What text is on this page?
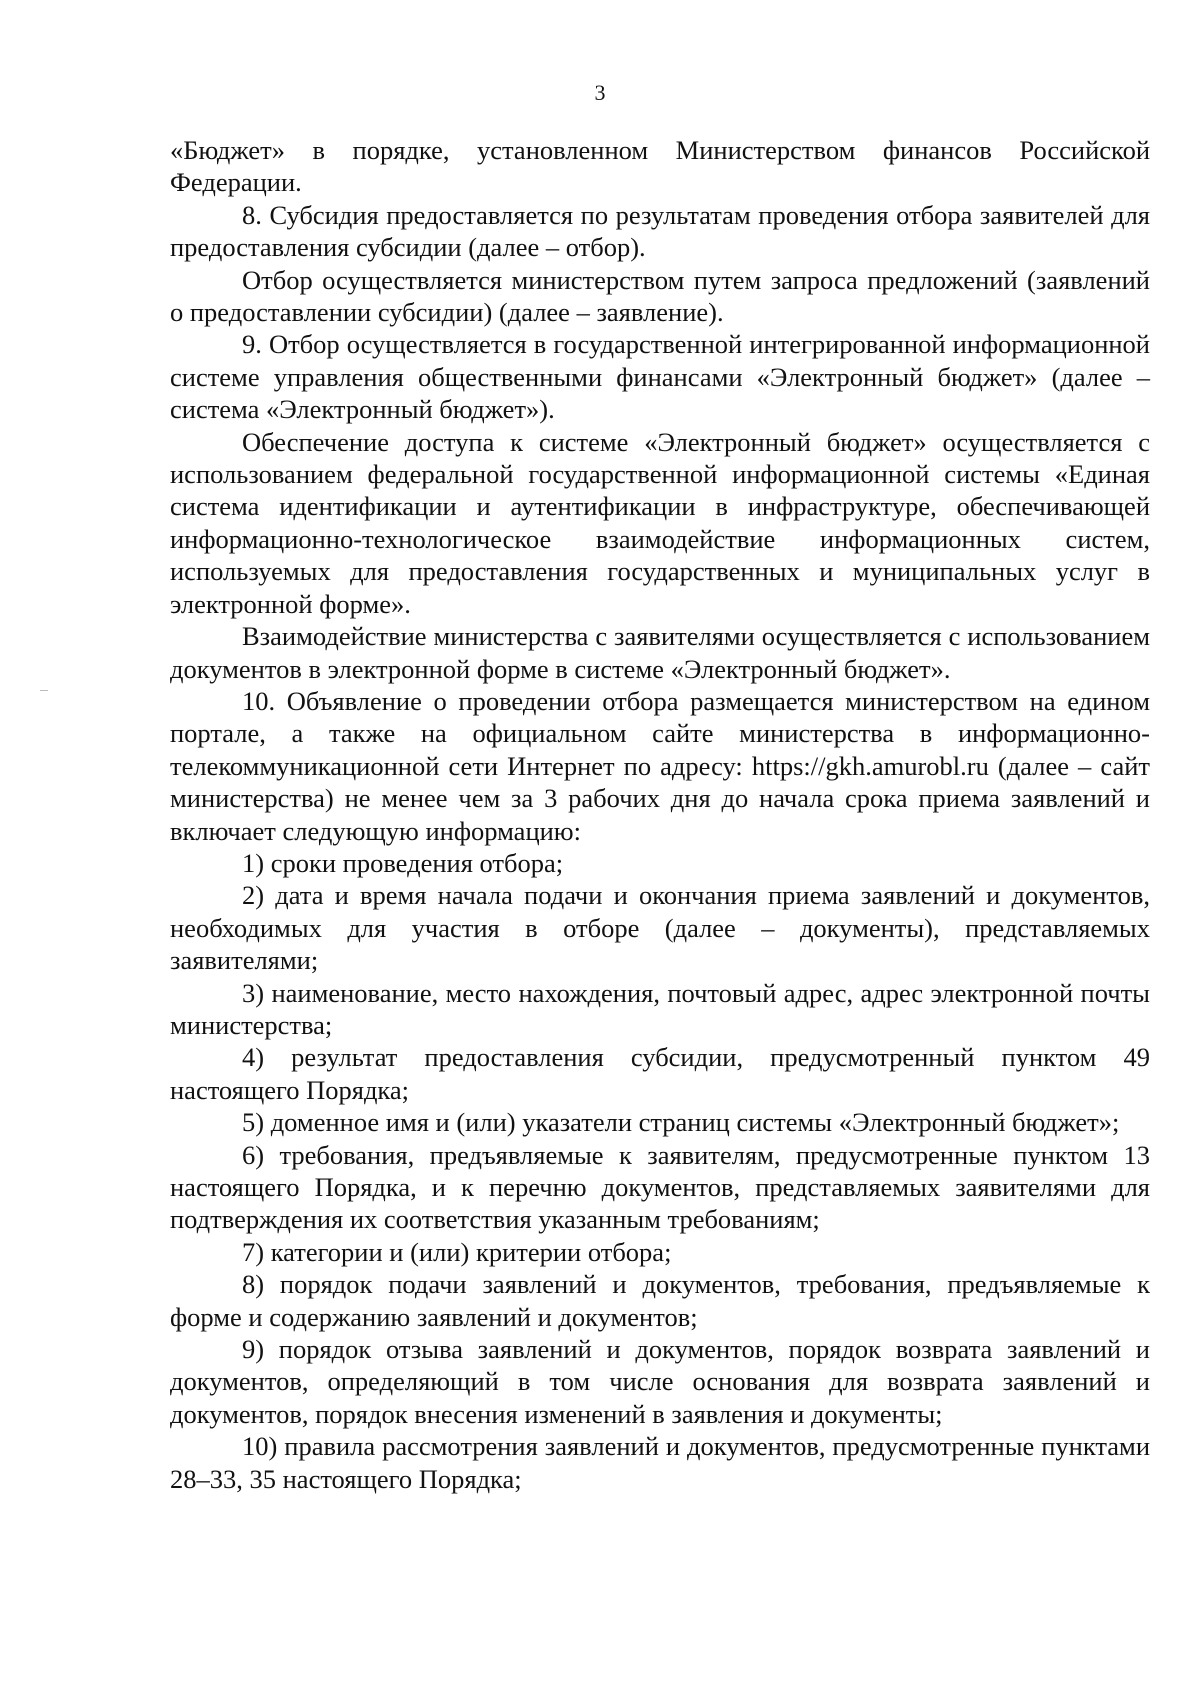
3

«Бюджет» в порядке, установленном Министерством финансов Российской Федерации.

8. Субсидия предоставляется по результатам проведения отбора заявителей для предоставления субсидии (далее – отбор).

Отбор осуществляется министерством путем запроса предложений (заявлений о предоставлении субсидии) (далее – заявление).

9. Отбор осуществляется в государственной интегрированной информационной системе управления общественными финансами «Электронный бюджет» (далее – система «Электронный бюджет»).

Обеспечение доступа к системе «Электронный бюджет» осуществляется с использованием федеральной государственной информационной системы «Единая система идентификации и аутентификации в инфраструктуре, обеспечивающей информационно-технологическое взаимодействие информационных систем, используемых для предоставления государственных и муниципальных услуг в электронной форме».

Взаимодействие министерства с заявителями осуществляется с использованием документов в электронной форме в системе «Электронный бюджет».

10. Объявление о проведении отбора размещается министерством на едином портале, а также на официальном сайте министерства в информационно-телекоммуникационной сети Интернет по адресу: https://gkh.amurobl.ru (далее – сайт министерства) не менее чем за 3 рабочих дня до начала срока приема заявлений и включает следующую информацию:

1) сроки проведения отбора;

2) дата и время начала подачи и окончания приема заявлений и документов, необходимых для участия в отборе (далее – документы), представляемых заявителями;

3) наименование, место нахождения, почтовый адрес, адрес электронной почты министерства;

4) результат предоставления субсидии, предусмотренный пунктом 49 настоящего Порядка;

5) доменное имя и (или) указатели страниц системы «Электронный бюджет»;

6) требования, предъявляемые к заявителям, предусмотренные пунктом 13 настоящего Порядка, и к перечню документов, представляемых заявителями для подтверждения их соответствия указанным требованиям;

7) категории и (или) критерии отбора;

8) порядок подачи заявлений и документов, требования, предъявляемые к форме и содержанию заявлений и документов;

9) порядок отзыва заявлений и документов, порядок возврата заявлений и документов, определяющий в том числе основания для возврата заявлений и документов, порядок внесения изменений в заявления и документы;

10) правила рассмотрения заявлений и документов, предусмотренные пунктами 28–33, 35 настоящего Порядка;
